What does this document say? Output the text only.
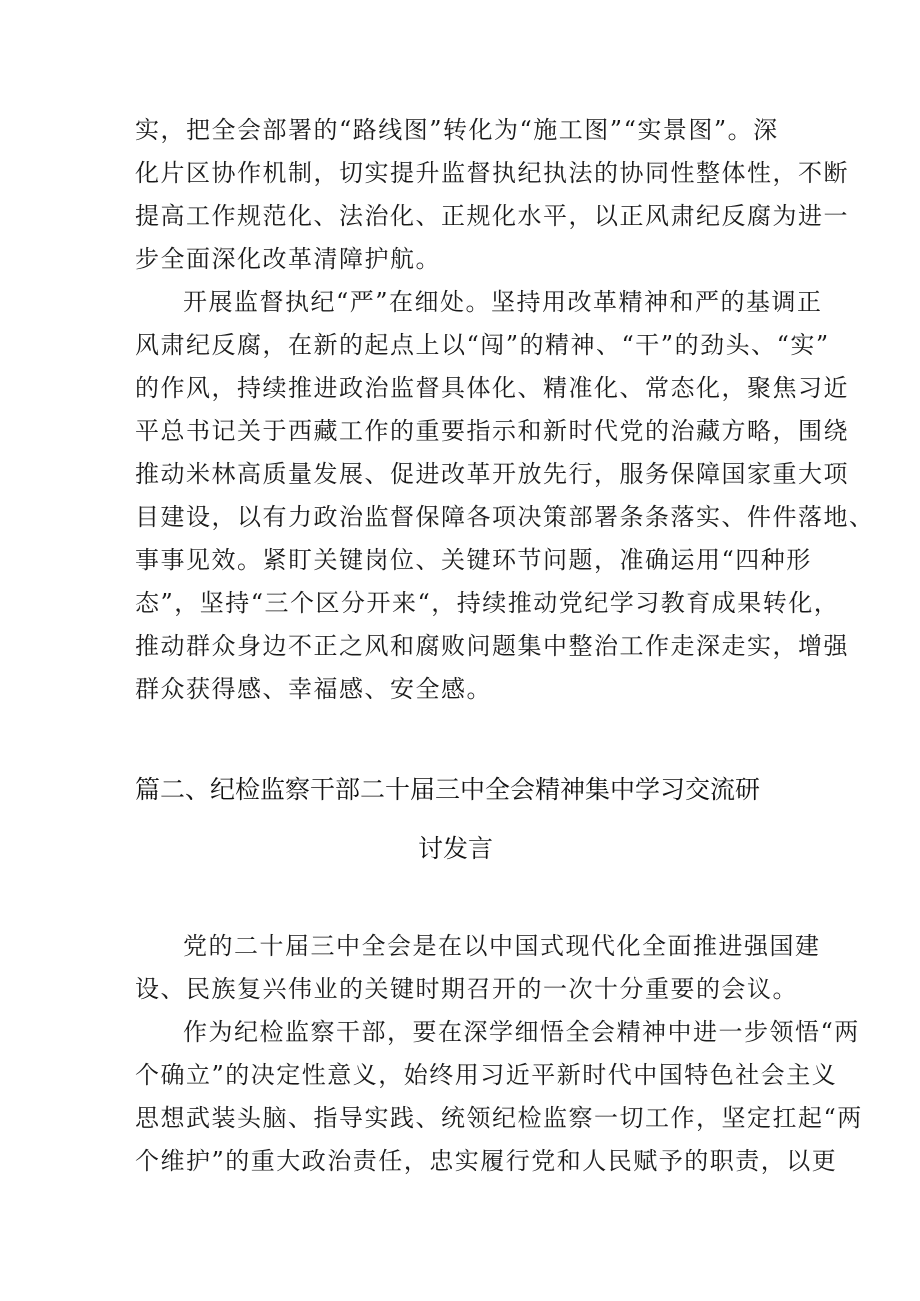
实，把全会部署的“路线图”转化为“施工图”“实景图”。深
化片区协作机制，切实提升监督执纪执法的协同性整体性，不断
提高工作规范化、法治化、正规化水平，以正风肃纪反腐为进一
步全面深化改革清障护航。
开展监督执纪“严”在细处。坚持用改革精神和严的基调正
风肃纪反腐，在新的起点上以“闯”的精神、“干”的劲头、“实”
的作风，持续推进政治监督具体化、精准化、常态化，聚焦习近
平总书记关于西藏工作的重要指示和新时代党的治藏方略，围绕
推动米林高质量发展、促进改革开放先行，服务保障国家重大项
目建设，以有力政治监督保障各项决策部署条条落实、件件落地、
事事见效。紧盯关键岗位、关键环节问题，准确运用“四种形
态”，坚持“三个区分开来“，持续推动党纪学习教育成果转化，
推动群众身边不正之风和腐败问题集中整治工作走深走实，增强
群众获得感、幸福感、安全感。
篇二、纪检监察干部二十届三中全会精神集中学习交流研
讨发言
党的二十届三中全会是在以中国式现代化全面推进强国建
设、民族复兴伟业的关键时期召开的一次十分重要的会议。
作为纪检监察干部，要在深学细悟全会精神中进一步领悟“两
个确立”的决定性意义，始终用习近平新时代中国特色社会主义
思想武装头脑、指导实践、统领纪检监察一切工作，坚定扛起“两
个维护”的重大政治责任，忠实履行党和人民赋予的职责，以更
